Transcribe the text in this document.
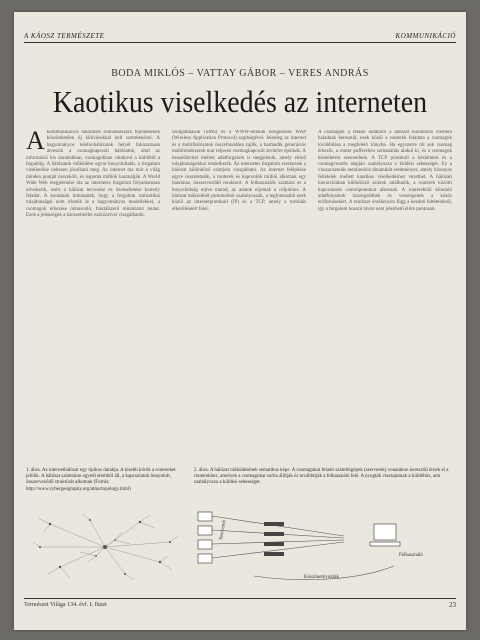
A KÁOSZ TERMÉSZETE	KOMMUNIKÁCIÓ
BODA MIKLÓS – VATTAY GÁBOR – VERES ANDRÁS
Kaotikus viselkedés az interneten
A kommunikációs hálózatok robbanásszerű fejlődésének köszönhetően új kihívásokkal kell szembenézni. A hagyományos telefonhálózatok helyét fokozatosan átveszik a csomagkapcsolt hálózatok, ahol az információ kis darabokban, csomagokban vándorol a küldőtől a fogadóig. A hálózatok működése egyre bonyolultabb, a forgalom viselkedése nehezen jósolható meg. Az internet ma már a világ minden pontját összeköti, és naponta milliók használják. A World Wide Web megjelenése óta az internetes forgalom folyamatosan növekszik, ezért a hálózat tervezése és üzemeltetése komoly feladat. A kutatások kimutatták, hogy a forgalom statisztikai tulajdonságai nem írhatók le a hagyományos modellekkel, a csomagok érkezése önhasonló, fraktálszerű mintázatot mutat. Ezek a jelenségek a káoszelmélet eszközeivel vizsgálhatók.
szolgáltatások (SMS) és a WWW-oldalak böngészése WAP (Wireless Application Protocol) segítségével. Jelenleg az internet és a mobilhálózatok összefonódása zajlik, a harmadik generációs mobilrendszerek már teljesen csomagkapcsolt átvitelre épülnek. A beszédátvitel mellett adatforgalom is megjelenik, amely eltérő tulajdonságokkal rendelkezik. Az internetes forgalom szerkezete a hálózat különböző szintjein vizsgálható. Az internet felépítése egyre összetettebb, a routerek és kapcsolók milliói alkotnak egy hatalmas, önszerveződő rendszert. A felhasználók számára ez a bonyolultság rejtve marad, az adatok eljutnak a céljukhoz. A hálózat működését protokollok szabályozzák, a legfontosabb ezek közül az internetprotokoll (IP) és a TCP, amely a torlódás elkerüléséért felel.
A csomagok a feladó oldaláról a hálózat különböző elemein haladnak keresztül, ezek közül a routerek feladata a csomagok továbbítása a megfelelő irányba. Ha egyszerre túl sok csomag érkezik, a router pufferében sorbanállás alakul ki, és a csomagok késleltetést szenvednek. A TCP protokoll a késleltetés és a csomagvesztés alapján szabályozza a küldési sebességet. Ez a visszacsatolás nemlineáris dinamikát eredményez, amely bizonyos feltételek mellett kaotikus viselkedéshez vezethet. A hálózati hierarchiában különböző szintek találhatók, a routerek közötti kapcsolatok csomópontokat alkotnak. A routerekből kiinduló adatfolyamok összegződnek és versengenek a közös erőforrásokért. A rendszer érzékenyen függ a kezdeti feltételektől, így a forgalom hosszú távon nem jelezhető előre pontosan.
1. ábra. Az internethálózat egy tipikus darabja. A kisebb körök a routereket jelölik. A hálózat számtalan egyedi elemből áll, a kapcsolatok bonyolult, önszerveződő struktúrát alkotnak (Forrás: http://www.cybergeography.org/atlas/topology.html)
2. ábra. A hálózat működésének sematikus képe. A csomagokat feladó számítógépek (szerverek) vonalakon keresztül érnek el a routerekhez, amelyek a csomagokat sorba állítják és továbbítják a felhasználó felé. A nyugták visszajutnak a küldőhöz, ami szabályozza a küldési sebességet.
Szerverek
Felhasználó
Köszönetnyugták
Természet Világa 134. évf. I. füzet	23
